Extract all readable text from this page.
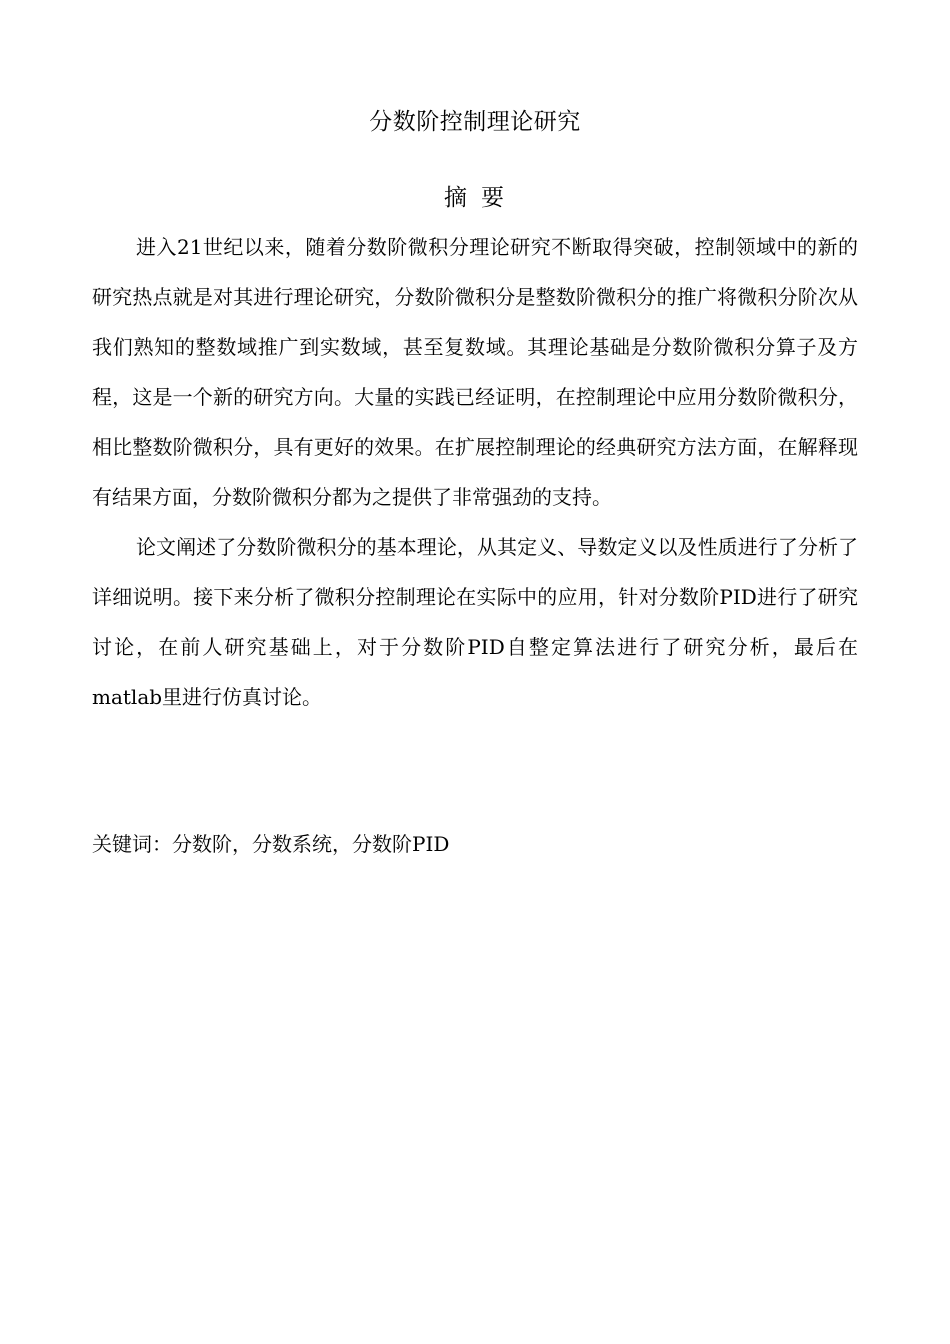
分数阶控制理论研究
摘要

进入21世纪以来，随着分数阶微积分理论研究不断取得突破，控制领域中的新的研究热点就是对其进行理论研究，分数阶微积分是整数阶微积分的推广将微积分阶次从我们熟知的整数域推广到实数域，甚至复数域。其理论基础是分数阶微积分算子及方程，这是一个新的研究方向。大量的实践已经证明，在控制理论中应用分数阶微积分，相比整数阶微积分，具有更好的效果。在扩展控制理论的经典研究方法方面，在解释现有结果方面，分数阶微积分都为之提供了非常强劲的支持。

论文阐述了分数阶微积分的基本理论，从其定义、导数定义以及性质进行了分析了详细说明。接下来分析了微积分控制理论在实际中的应用，针对分数阶PID进行了研究讨论，在前人研究基础上，对于分数阶PID自整定算法进行了研究分析，最后在matlab里进行仿真讨论。

关键词：分数阶，分数系统，分数阶PID
